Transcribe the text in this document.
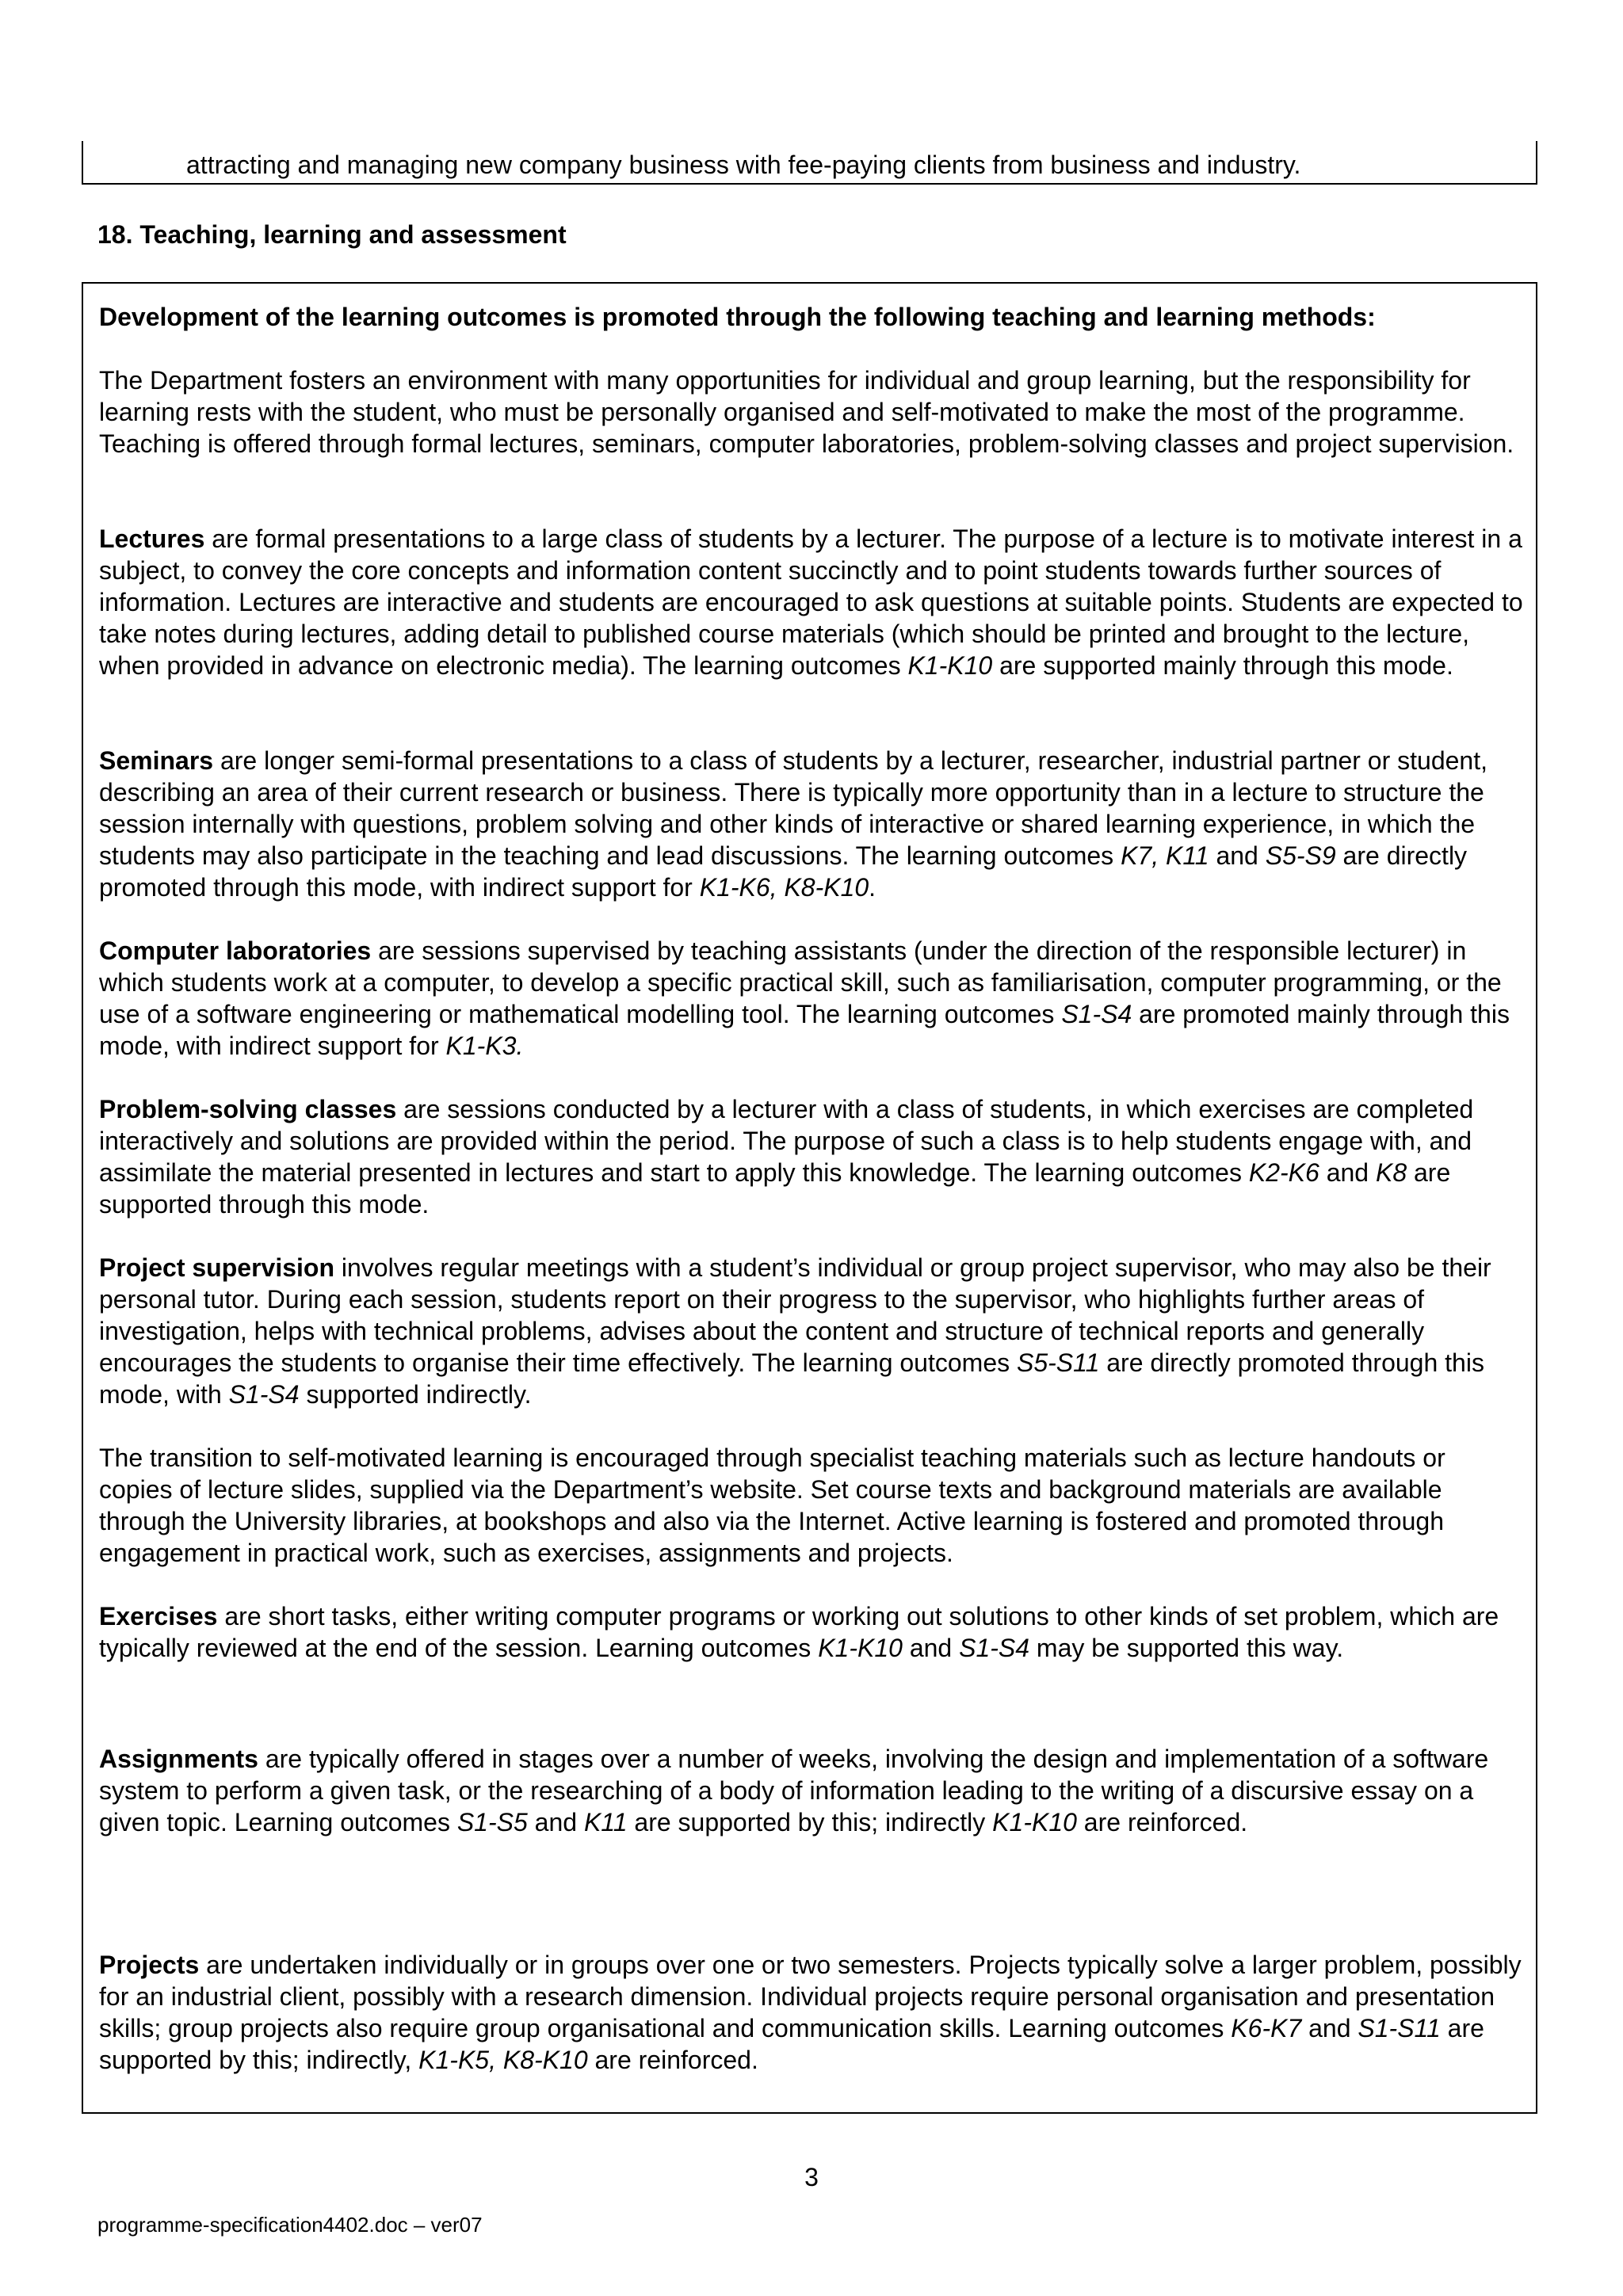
attracting and managing new company business with fee-paying clients from business and industry.
18. Teaching, learning and assessment

Development of the learning outcomes is promoted through the following teaching and learning methods:

The Department fosters an environment with many opportunities for individual and group learning, but the responsibility for learning rests with the student, who must be personally organised and self-motivated to make the most of the programme. Teaching is offered through formal lectures, seminars, computer laboratories, problem-solving classes and project supervision.

Lectures are formal presentations to a large class of students by a lecturer. The purpose of a lecture is to motivate interest in a subject, to convey the core concepts and information content succinctly and to point students towards further sources of information. Lectures are interactive and students are encouraged to ask questions at suitable points. Students are expected to take notes during lectures, adding detail to published course materials (which should be printed and brought to the lecture, when provided in advance on electronic media). The learning outcomes K1-K10 are supported mainly through this mode.

Seminars are longer semi-formal presentations to a class of students by a lecturer, researcher, industrial partner or student, describing an area of their current research or business. There is typically more opportunity than in a lecture to structure the session internally with questions, problem solving and other kinds of interactive or shared learning experience, in which the students may also participate in the teaching and lead discussions. The learning outcomes K7, K11 and S5-S9 are directly promoted through this mode, with indirect support for K1-K6, K8-K10.

Computer laboratories are sessions supervised by teaching assistants (under the direction of the responsible lecturer) in which students work at a computer, to develop a specific practical skill, such as familiarisation, computer programming, or the use of a software engineering or mathematical modelling tool. The learning outcomes S1-S4 are promoted mainly through this mode, with indirect support for K1-K3.

Problem-solving classes are sessions conducted by a lecturer with a class of students, in which exercises are completed interactively and solutions are provided within the period. The purpose of such a class is to help students engage with, and assimilate the material presented in lectures and start to apply this knowledge. The learning outcomes K2-K6 and K8 are supported through this mode.

Project supervision involves regular meetings with a student’s individual or group project supervisor, who may also be their personal tutor. During each session, students report on their progress to the supervisor, who highlights further areas of investigation, helps with technical problems, advises about the content and structure of technical reports and generally encourages the students to organise their time effectively. The learning outcomes S5-S11 are directly promoted through this mode, with S1-S4 supported indirectly.

The transition to self-motivated learning is encouraged through specialist teaching materials such as lecture handouts or copies of lecture slides, supplied via the Department’s website. Set course texts and background materials are available through the University libraries, at bookshops and also via the Internet. Active learning is fostered and promoted through engagement in practical work, such as exercises, assignments and projects.

Exercises are short tasks, either writing computer programs or working out solutions to other kinds of set problem, which are typically reviewed at the end of the session. Learning outcomes K1-K10 and S1-S4 may be supported this way.

Assignments are typically offered in stages over a number of weeks, involving the design and implementation of a software system to perform a given task, or the researching of a body of information leading to the writing of a discursive essay on a given topic. Learning outcomes S1-S5 and K11 are supported by this; indirectly K1-K10 are reinforced.

Projects are undertaken individually or in groups over one or two semesters. Projects typically solve a larger problem, possibly for an industrial client, possibly with a research dimension. Individual projects require personal organisation and presentation skills; group projects also require group organisational and communication skills. Learning outcomes K6-K7 and S1-S11 are supported by this; indirectly, K1-K5, K8-K10 are reinforced.

3
programme-specification4402.doc – ver07
